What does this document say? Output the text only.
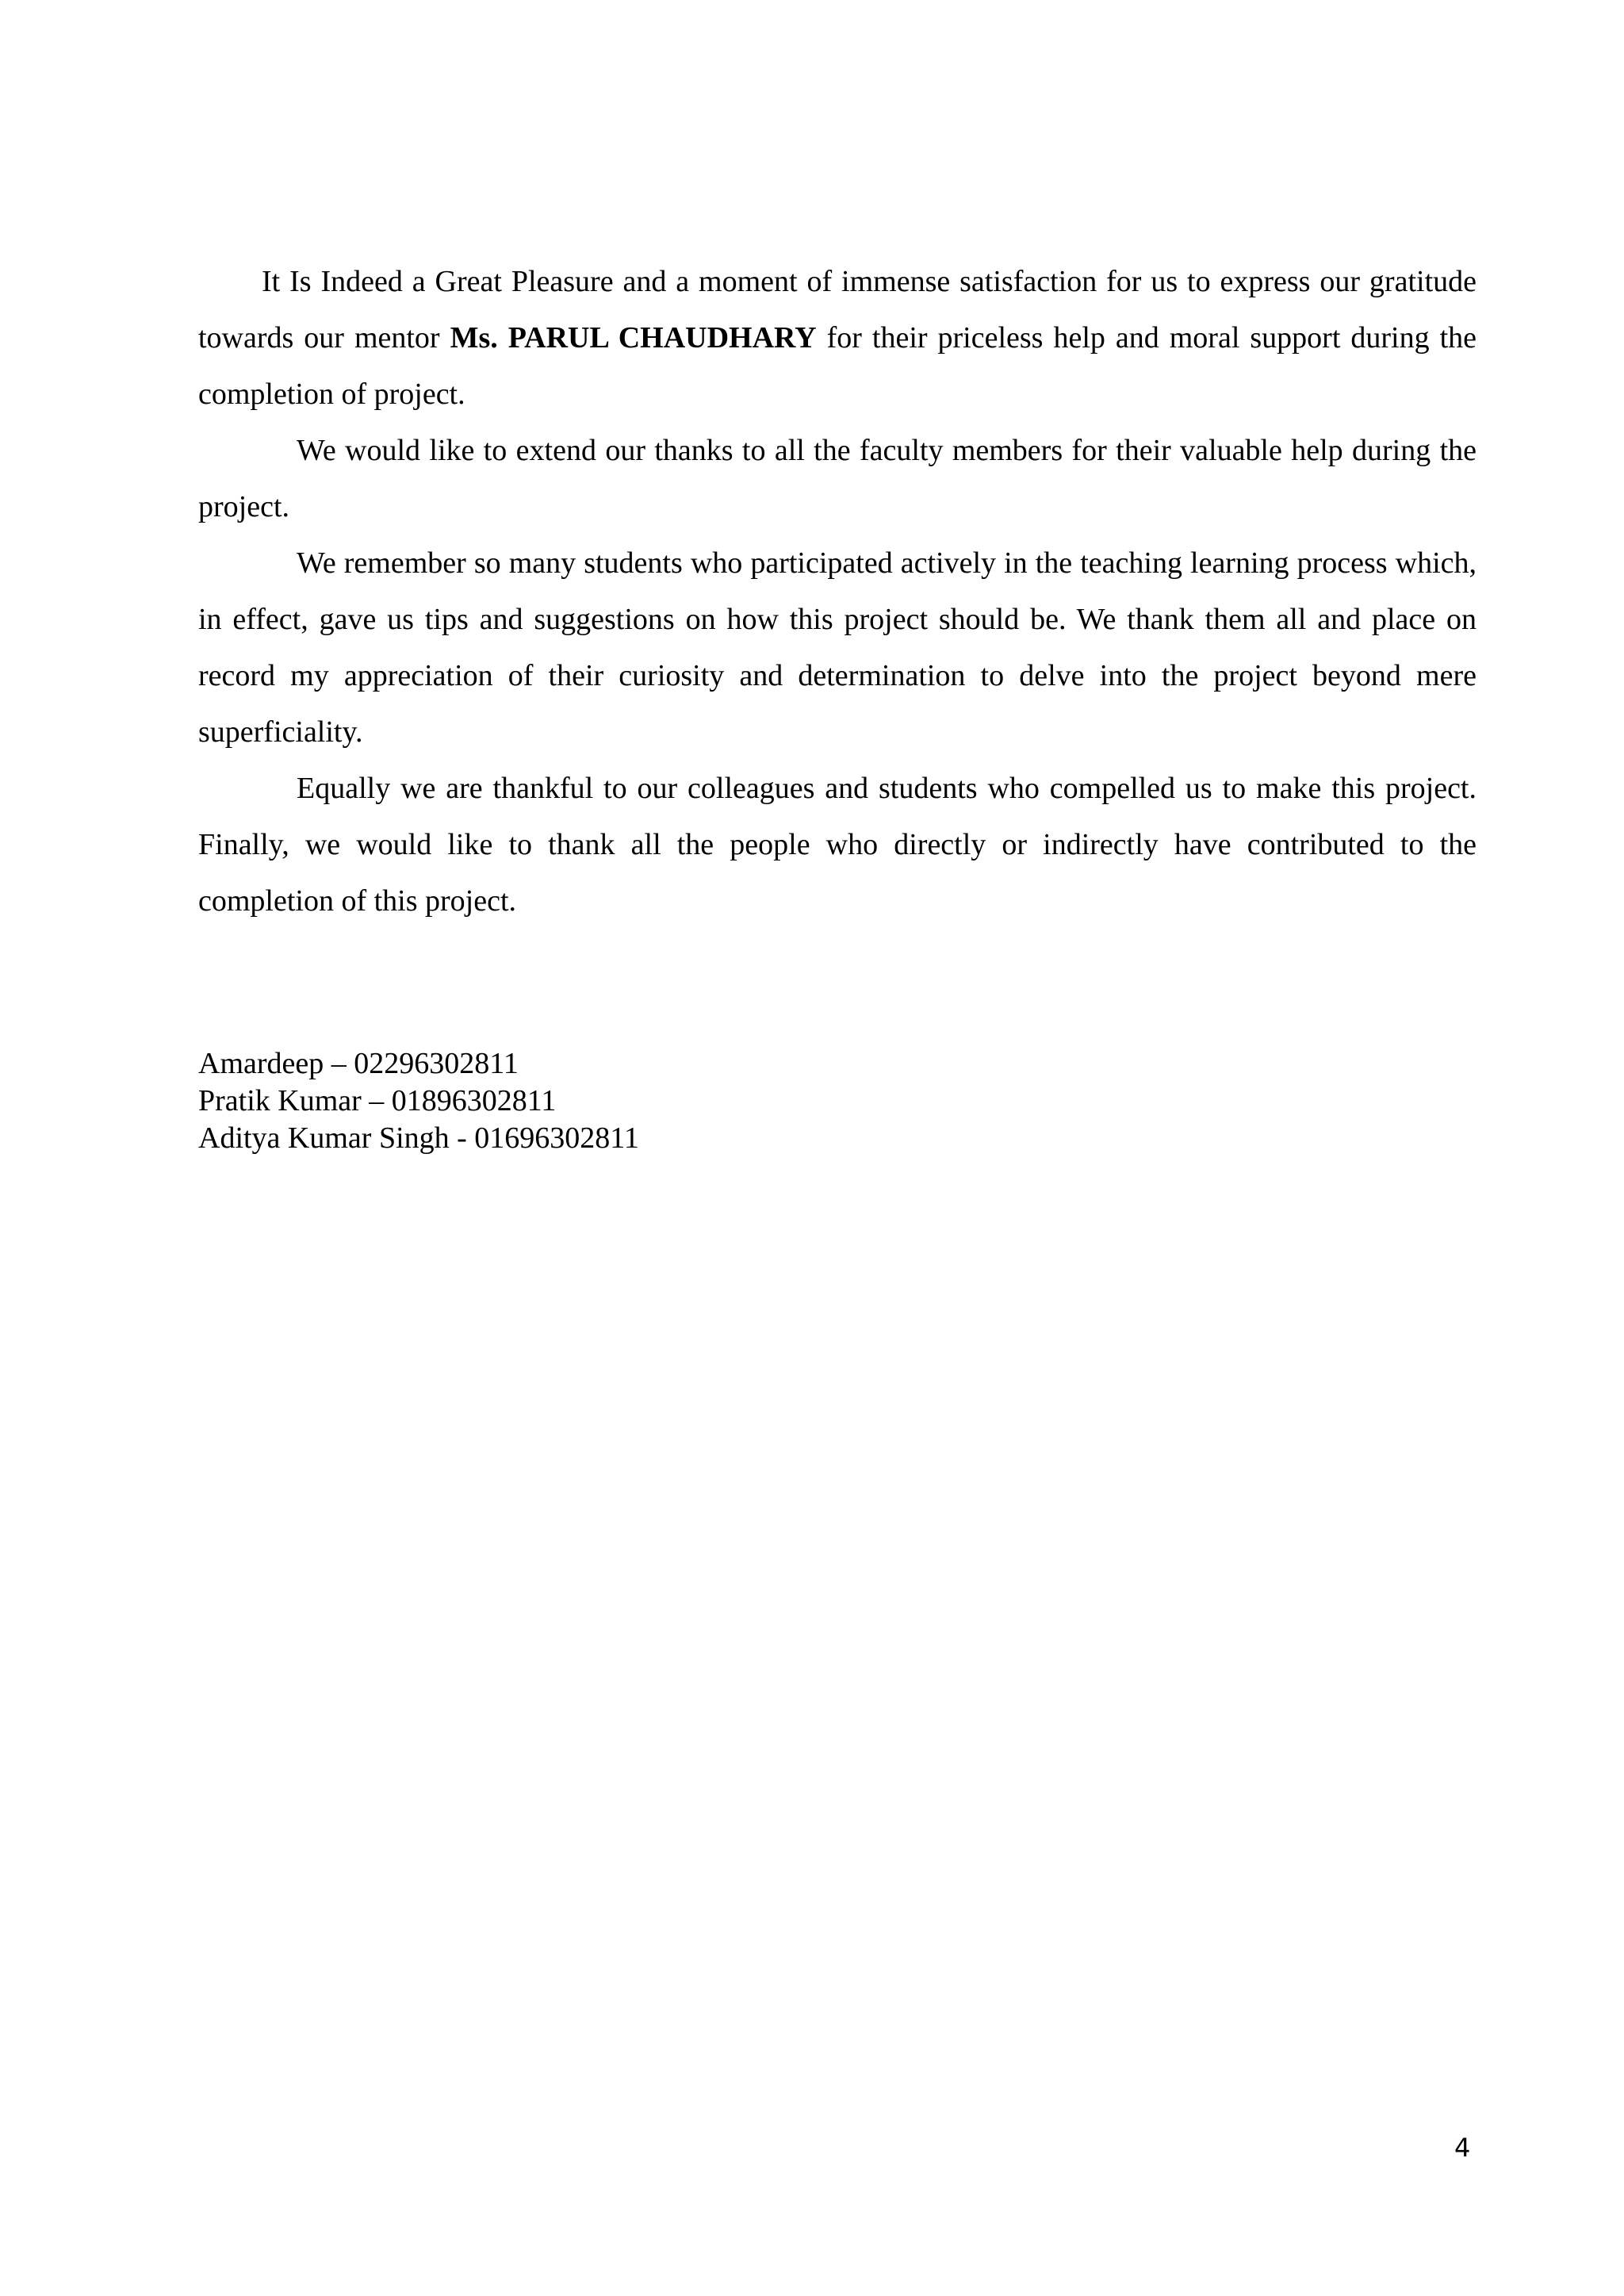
It Is Indeed a Great Pleasure and a moment of immense satisfaction for us to express our gratitude towards our mentor Ms. PARUL CHAUDHARY for their priceless help and moral support during the completion of project.

We would like to extend our thanks to all the faculty members for their valuable help during the project.

We remember so many students who participated actively in the teaching learning process which, in effect, gave us tips and suggestions on how this project should be. We thank them all and place on record my appreciation of their curiosity and determination to delve into the project beyond mere superficiality.

Equally we are thankful to our colleagues and students who compelled us to make this project. Finally, we would like to thank all the people who directly or indirectly have contributed to the completion of this project.

Amardeep – 02296302811
Pratik Kumar – 01896302811
Aditya Kumar Singh - 01696302811
4
